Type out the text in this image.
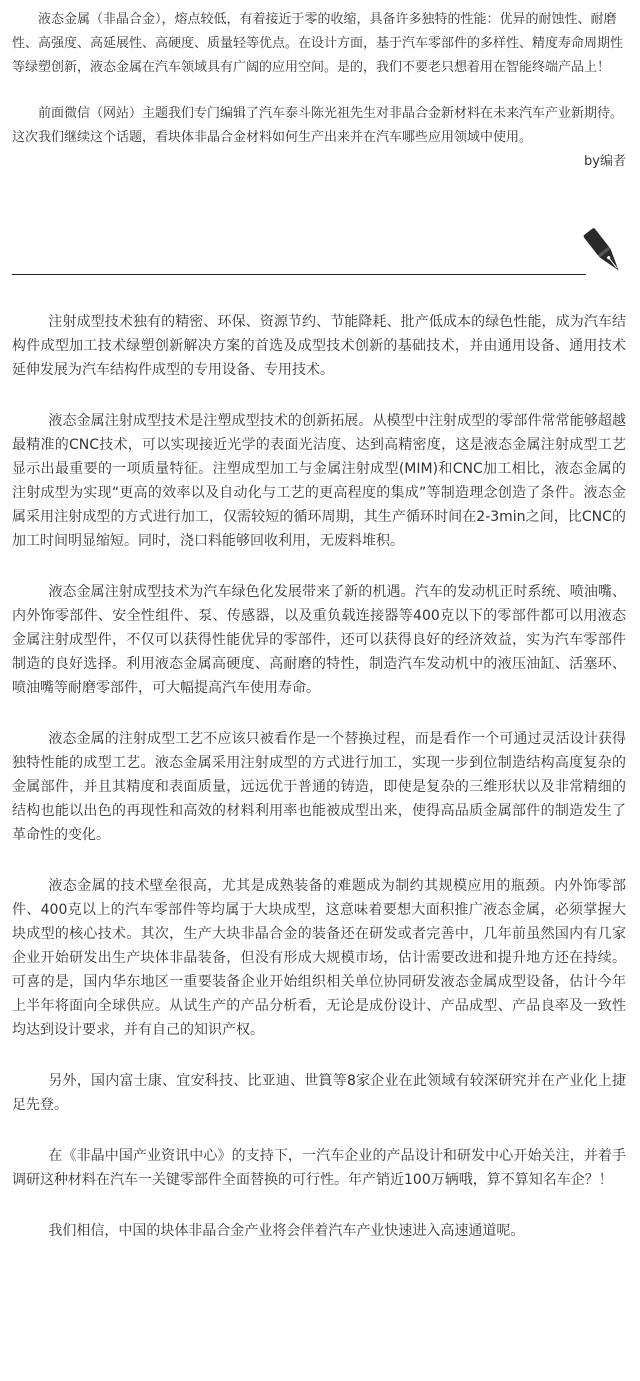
液态金属（非晶合金），熔点较低，有着接近于零的收缩，具备许多独特的性能：优异的耐蚀性、耐磨性、高强度、高延展性、高硬度、质量轻等优点。在设计方面，基于汽车零部件的多样性、精度寿命周期性等绿塑创新，液态金属在汽车领域具有广阔的应用空间。是的，我们不要老只想着用在智能终端产品上！

前面微信（网站）主题我们专门编辑了汽车泰斗陈光祖先生对非晶合金新材料在未来汽车产业新期待。这次我们继续这个话题，看块体非晶合金材料如何生产出来并在汽车哪些应用领域中使用。

by编者

注射成型技术独有的精密、环保、资源节约、节能降耗、批产低成本的绿色性能，成为汽车结构件成型加工技术绿塑创新解决方案的首选及成型技术创新的基础技术，并由通用设备、通用技术延伸发展为汽车结构件成型的专用设备、专用技术。

液态金属注射成型技术是注塑成型技术的创新拓展。从模型中注射成型的零部件常常能够超越最精准的CNC技术，可以实现接近光学的表面光洁度、达到高精密度，这是液态金属注射成型工艺显示出最重要的一项质量特征。注塑成型加工与金属注射成型(MIM)和CNC加工相比，液态金属的注射成型为实现“更高的效率以及自动化与工艺的更高程度的集成”等制造理念创造了条件。液态金属采用注射成型的方式进行加工，仅需较短的循环周期，其生产循环时间在2-3min之间，比CNC的加工时间明显缩短。同时，浇口料能够回收利用，无废料堆积。

液态金属注射成型技术为汽车绿色化发展带来了新的机遇。汽车的发动机正时系统、喷油嘴、内外饰零部件、安全性组件、泵、传感器，以及重负载连接器等400克以下的零部件都可以用液态金属注射成型件，不仅可以获得性能优异的零部件，还可以获得良好的经济效益，实为汽车零部件制造的良好选择。利用液态金属高硬度、高耐磨的特性，制造汽车发动机中的液压油缸、活塞环、喷油嘴等耐磨零部件，可大幅提高汽车使用寿命。

液态金属的注射成型工艺不应该只被看作是一个替换过程，而是看作一个可通过灵活设计获得独特性能的成型工艺。液态金属采用注射成型的方式进行加工，实现一步到位制造结构高度复杂的金属部件，并且其精度和表面质量，远远优于普通的铸造，即使是复杂的三维形状以及非常精细的结构也能以出色的再现性和高效的材料利用率也能被成型出来，使得高品质金属部件的制造发生了革命性的变化。

液态金属的技术壁垒很高，尤其是成熟装备的难题成为制约其规模应用的瓶颈。内外饰零部件、400克以上的汽车零部件等均属于大块成型，这意味着要想大面积推广液态金属，必须掌握大块成型的核心技术。其次，生产大块非晶合金的装备还在研发或者完善中，几年前虽然国内有几家企业开始研发出生产块体非晶装备，但没有形成大规模市场，估计需要改进和提升地方还在持续。可喜的是，国内华东地区一重要装备企业开始组织相关单位协同研发液态金属成型设备，估计今年上半年将面向全球供应。从试生产的产品分析看，无论是成份设计、产品成型、产品良率及一致性均达到设计要求，并有自己的知识产权。

另外，国内富士康、宜安科技、比亚迪、世篔等8家企业在此领域有较深研究并在产业化上捷足先登。

在《非晶中国产业资讯中心》的支持下，一汽车企业的产品设计和研发中心开始关注，并着手调研这种材料在汽车一关键零部件全面替换的可行性。年产销近100万辆哦，算不算知名车企？！

我们相信，中国的块体非晶合金产业将会伴着汽车产业快速进入高速通道呢。
